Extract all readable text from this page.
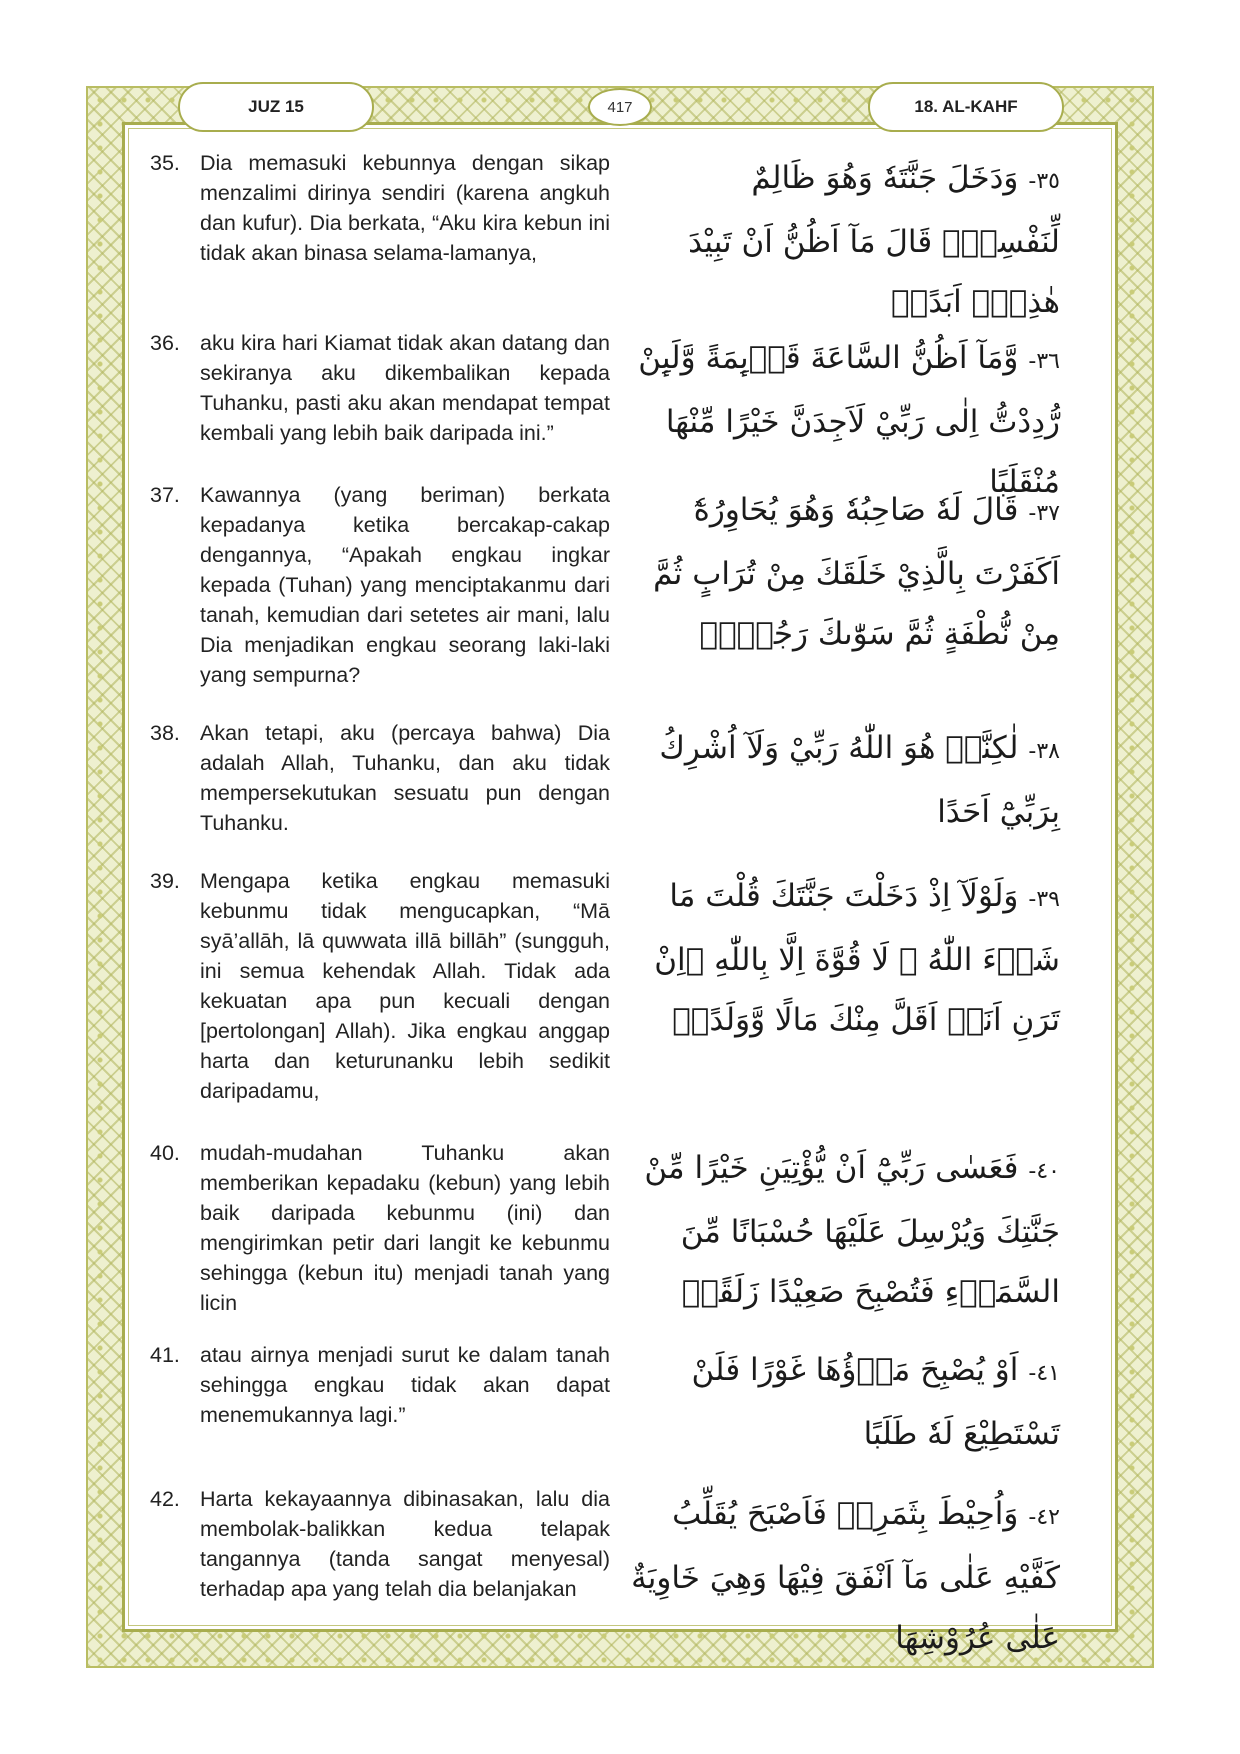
JUZ 15	417	18. AL-KAHF
35. Dia memasuki kebunnya dengan sikap menzalimi dirinya sendiri (karena angkuh dan kufur). Dia berkata, “Aku kira kebun ini tidak akan binasa selama-lamanya,
٣٥-وَدَخَلَ جَنَّتَهٗ وَهُوَ ظَالِمٌ لِّنَفْسِهٖۚ قَالَ مَآ اَظُنُّ اَنْ تَبِيْدَ هٰذِهٖٓ اَبَدًاۙ
36. aku kira hari Kiamat tidak akan datang dan sekiranya aku dikembalikan kepada Tuhanku, pasti aku akan mendapat tempat kembali yang lebih baik daripada ini.”
٣٦-وَّمَآ اَظُنُّ السَّاعَةَ قَاۤىِٕمَةً وَّلَىِٕنْ رُّدِدْتُّ اِلٰى رَبِّيْ لَاَجِدَنَّ خَيْرًا مِّنْهَا مُنْقَلَبًا
37. Kawannya (yang beriman) berkata kepadanya ketika bercakap-cakap dengannya, “Apakah engkau ingkar kepada (Tuhan) yang menciptakanmu dari tanah, kemudian dari setetes air mani, lalu Dia menjadikan engkau seorang laki-laki yang sempurna?
٣٧-قَالَ لَهٗ صَاحِبُهٗ وَهُوَ يُحَاوِرُهٗٓ اَكَفَرْتَ بِالَّذِيْ خَلَقَكَ مِنْ تُرَابٍ ثُمَّ مِنْ نُّطْفَةٍ ثُمَّ سَوّٰىكَ رَجُلًاۗ
38. Akan tetapi, aku (percaya bahwa) Dia adalah Allah, Tuhanku, dan aku tidak mempersekutukan sesuatu pun dengan Tuhanku.
٣٨-لٰكِنَّا۠ هُوَ اللّٰهُ رَبِّيْ وَلَآ اُشْرِكُ بِرَبِّيْٓ اَحَدًا
39. Mengapa ketika engkau memasuki kebunmu tidak mengucapkan, “Mā syā’allāh, lā quwwata illā billāh” (sungguh, ini semua kehendak Allah. Tidak ada kekuatan apa pun kecuali dengan [pertolongan] Allah). Jika engkau anggap harta dan keturunanku lebih sedikit daripadamu,
٣٩-وَلَوْلَآ اِذْ دَخَلْتَ جَنَّتَكَ قُلْتَ مَا شَاۤءَ اللّٰهُ ۙ لَا قُوَّةَ اِلَّا بِاللّٰهِ ۚاِنْ تَرَنِ اَنَا۠ اَقَلَّ مِنْكَ مَالًا وَّوَلَدًاۚ
40. mudah-mudahan Tuhanku akan memberikan kepadaku (kebun) yang lebih baik daripada kebunmu (ini) dan mengirimkan petir dari langit ke kebunmu sehingga (kebun itu) menjadi tanah yang licin
٤٠-فَعَسٰى رَبِّيْٓ اَنْ يُّؤْتِيَنِ خَيْرًا مِّنْ جَنَّتِكَ وَيُرْسِلَ عَلَيْهَا حُسْبَانًا مِّنَ السَّمَاۤءِ فَتُصْبِحَ صَعِيْدًا زَلَقًاۙ
41. atau airnya menjadi surut ke dalam tanah sehingga engkau tidak akan dapat menemukannya lagi.”
٤١-اَوْ يُصْبِحَ مَاۤؤُهَا غَوْرًا فَلَنْ تَسْتَطِيْعَ لَهٗ طَلَبًا
42. Harta kekayaannya dibinasakan, lalu dia membolak-balikkan kedua telapak tangannya (tanda sangat menyesal) terhadap apa yang telah dia belanjakan
٤٢-وَاُحِيْطَ بِثَمَرِهٖ فَاَصْبَحَ يُقَلِّبُ كَفَّيْهِ عَلٰى مَآ اَنْفَقَ فِيْهَا وَهِيَ خَاوِيَةٌ عَلٰى عُرُوْشِهَا
